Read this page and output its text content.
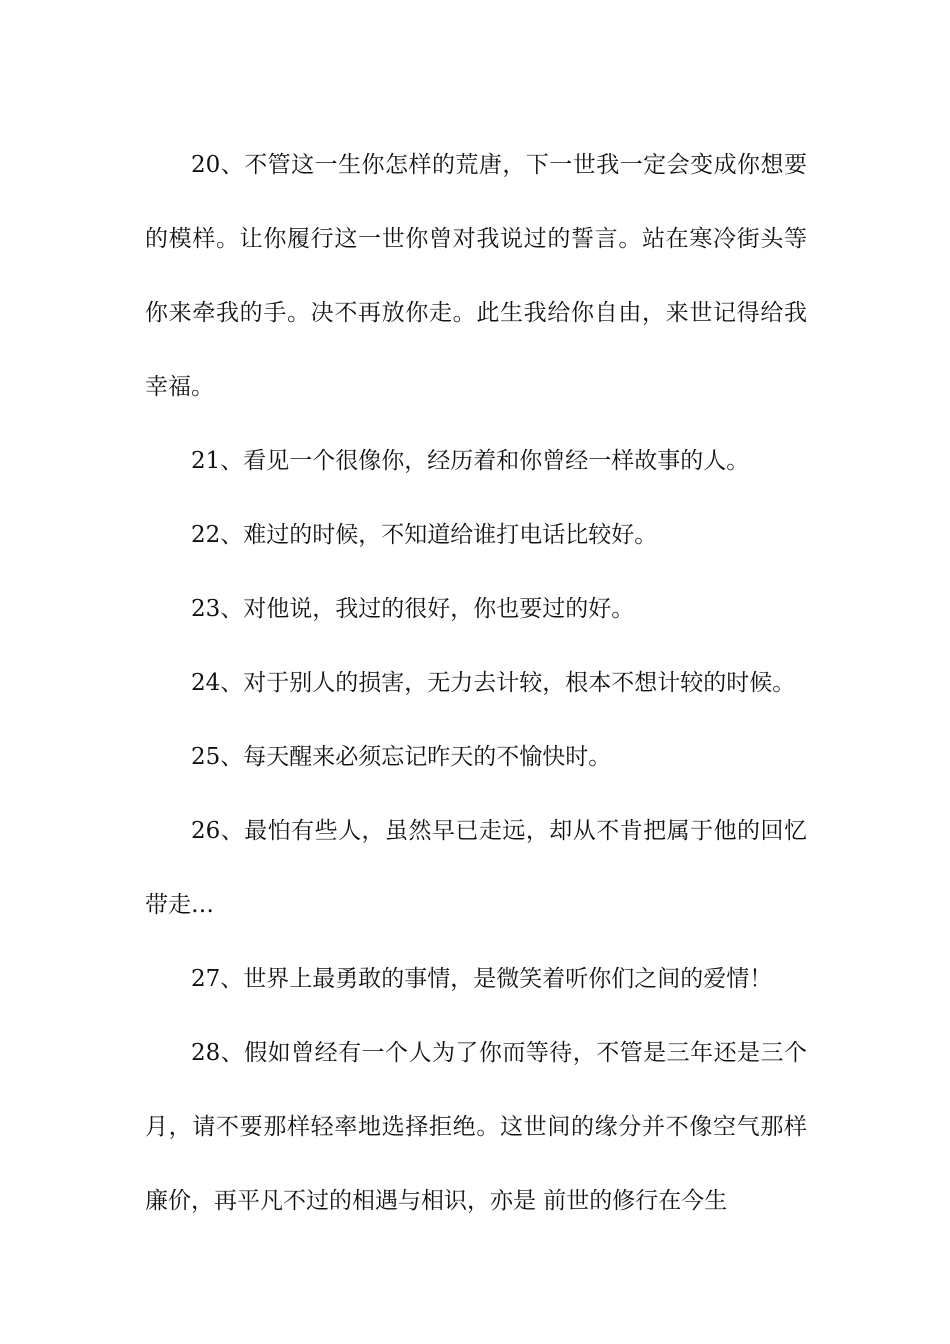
20、不管这一生你怎样的荒唐，下一世我一定会变成你想要的模样。让你履行这一世你曾对我说过的誓言。站在寒冷街头等你来牵我的手。决不再放你走。此生我给你自由，来世记得给我幸福。

21、看见一个很像你，经历着和你曾经一样故事的人。

22、难过的时候，不知道给谁打电话比较好。

23、对他说，我过的很好，你也要过的好。

24、对于别人的损害，无力去计较，根本不想计较的时候。

25、每天醒来必须忘记昨天的不愉快时。

26、最怕有些人，虽然早已走远，却从不肯把属于他的回忆带走…

27、世界上最勇敢的事情，是微笑着听你们之间的爱情！

28、假如曾经有一个人为了你而等待，不管是三年还是三个月，请不要那样轻率地选择拒绝。这世间的缘分并不像空气那样廉价，再平凡不过的相遇与相识，亦是 前世的修行在今生
